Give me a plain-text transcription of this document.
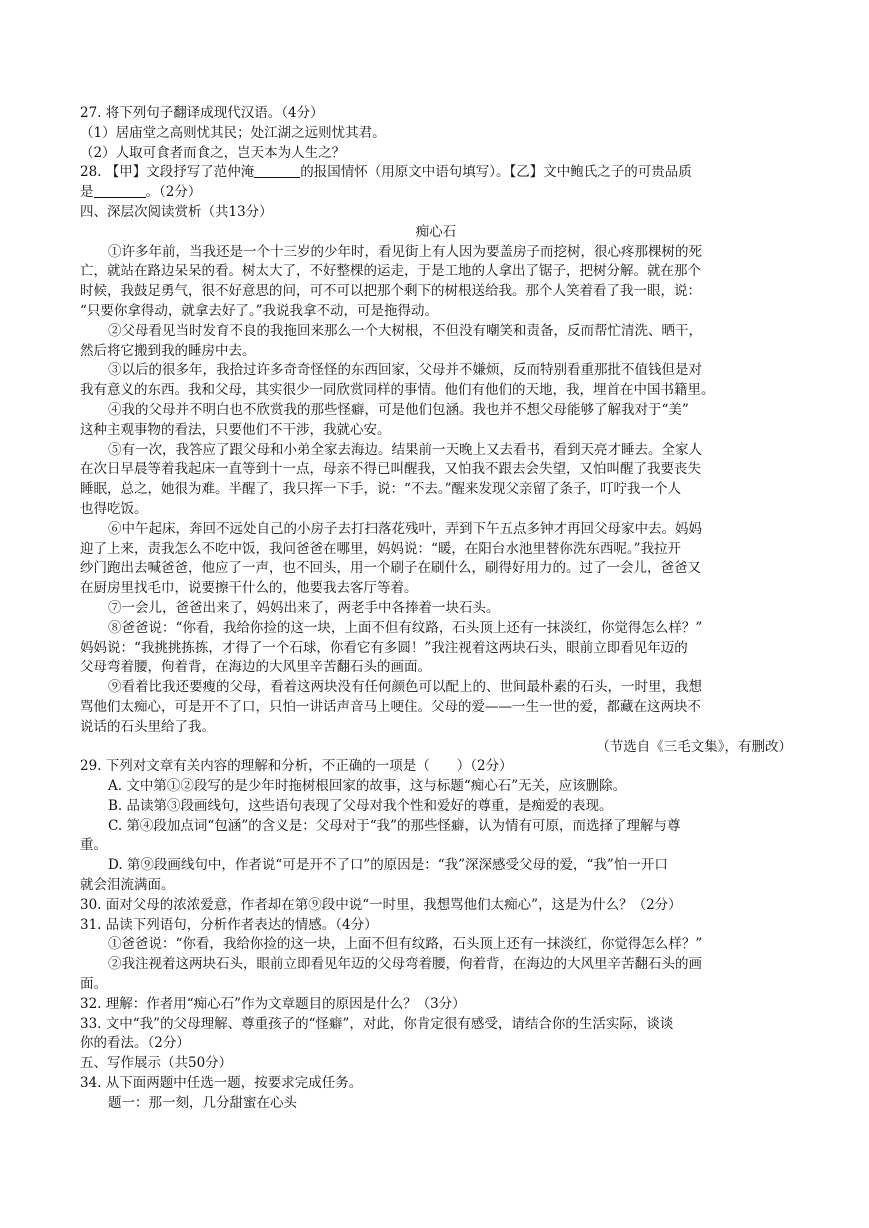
27. 将下列句子翻译成现代汉语。（4分）
（1）居庙堂之高则忧其民；处江湖之远则忧其君。
（2）人取可食者而食之，岂天本为人生之？
28. 【甲】文段抒写了范仲淹	的报国情怀（用原文中语句填写）。【乙】文中鲍氏之子的可贵品质
是	。（2分）
四、深层次阅读赏析（共13分）
痴心石
①许多年前，当我还是一个十三岁的少年时，看见街上有人因为要盖房子而挖树，很心疼那棵树的死
亡，就站在路边呆呆的看。树太大了，不好整棵的运走，于是工地的人拿出了锯子，把树分解。就在那个
时候，我鼓足勇气，很不好意思的问，可不可以把那个剩下的树根送给我。那个人笑着看了我一眼，说：
“只要你拿得动，就拿去好了。”我说我拿不动，可是拖得动。
②父母看见当时发育不良的我拖回来那么一个大树根，不但没有嘲笑和责备，反而帮忙清洗、晒干，
然后将它搬到我的睡房中去。
③以后的很多年，我拾过许多奇奇怪怪的东西回家，父母并不嫌烦，反而特别看重那批不值钱但是对
我有意义的东西。我和父母，其实很少一同欣赏同样的事情。他们有他们的天地，我，埋首在中国书籍里。
④我的父母并不明白也不欣赏我的那些怪癖，可是他们包涵。我也并不想父母能够了解我对于“美”
这种主观事物的看法，只要他们不干涉，我就心安。
⑤有一次，我答应了跟父母和小弟全家去海边。结果前一天晚上又去看书，看到天亮才睡去。全家人
在次日早晨等着我起床一直等到十一点，母亲不得已叫醒我，又怕我不跟去会失望，又怕叫醒了我要丧失
睡眠，总之，她很为难。半醒了，我只挥一下手，说：“不去。”醒来发现父亲留了条子，叮咛我一个人
也得吃饭。
⑥中午起床，奔回不远处自己的小房子去打扫落花残叶，弄到下午五点多钟才再回父母家中去。妈妈
迎了上来，责我怎么不吃中饭，我问爸爸在哪里，妈妈说：“暖，在阳台水池里替你洗东西呢。”我拉开
纱门跑出去喊爸爸，他应了一声，也不回头，用一个刷子在刷什么，刷得好用力的。过了一会儿，爸爸又
在厨房里找毛巾，说要擦干什么的，他要我去客厅等着。
⑦一会儿，爸爸出来了，妈妈出来了，两老手中各捧着一块石头。
⑧爸爸说：“你看，我给你捡的这一块，上面不但有纹路，石头顶上还有一抹淡红，你觉得怎么样？”
妈妈说：“我挑挑拣拣，才得了一个石球，你看它有多圆！”我注视着这两块石头，眼前立即看见年迈的
父母弯着腰，佝着背，在海边的大风里辛苦翻石头的画面。
⑨看着比我还要瘦的父母，看着这两块没有任何颜色可以配上的、世间最朴素的石头，一时里，我想
骂他们太痴心，可是开不了口，只怕一讲话声音马上哽住。父母的爱——一生一世的爱，都藏在这两块不
说话的石头里给了我。
（节选自《三毛文集》，有删改）
29. 下列对文章有关内容的理解和分析，不正确的一项是（　　）（2分）
A. 文中第①②段写的是少年时拖树根回家的故事，这与标题“痴心石”无关，应该删除。
B. 品读第③段画线句，这些语句表现了父母对我个性和爱好的尊重，是痴爱的表现。
C. 第④段加点词“包涵”的含义是：父母对于“我”的那些怪癖，认为情有可原，而选择了理解与尊
重。
D. 第⑨段画线句中，作者说“可是开不了口”的原因是：“我”深深感受父母的爱，“我”怕一开口
就会泪流满面。
30. 面对父母的浓浓爱意，作者却在第⑨段中说“一时里，我想骂他们太痴心”，这是为什么？（2分）
31. 品读下列语句，分析作者表达的情感。（4分）
①爸爸说：“你看，我给你捡的这一块，上面不但有纹路，石头顶上还有一抹淡红，你觉得怎么样？”
②我注视着这两块石头，眼前立即看见年迈的父母弯着腰，佝着背，在海边的大风里辛苦翻石头的画
面。
32. 理解：作者用“痴心石”作为文章题目的原因是什么？（3分）
33. 文中“我”的父母理解、尊重孩子的“怪癖”，对此，你肯定很有感受，请结合你的生活实际，谈谈
你的看法。（2分）
五、写作展示（共50分）
34. 从下面两题中任选一题，按要求完成任务。
题一：那一刻，几分甜蜜在心头
